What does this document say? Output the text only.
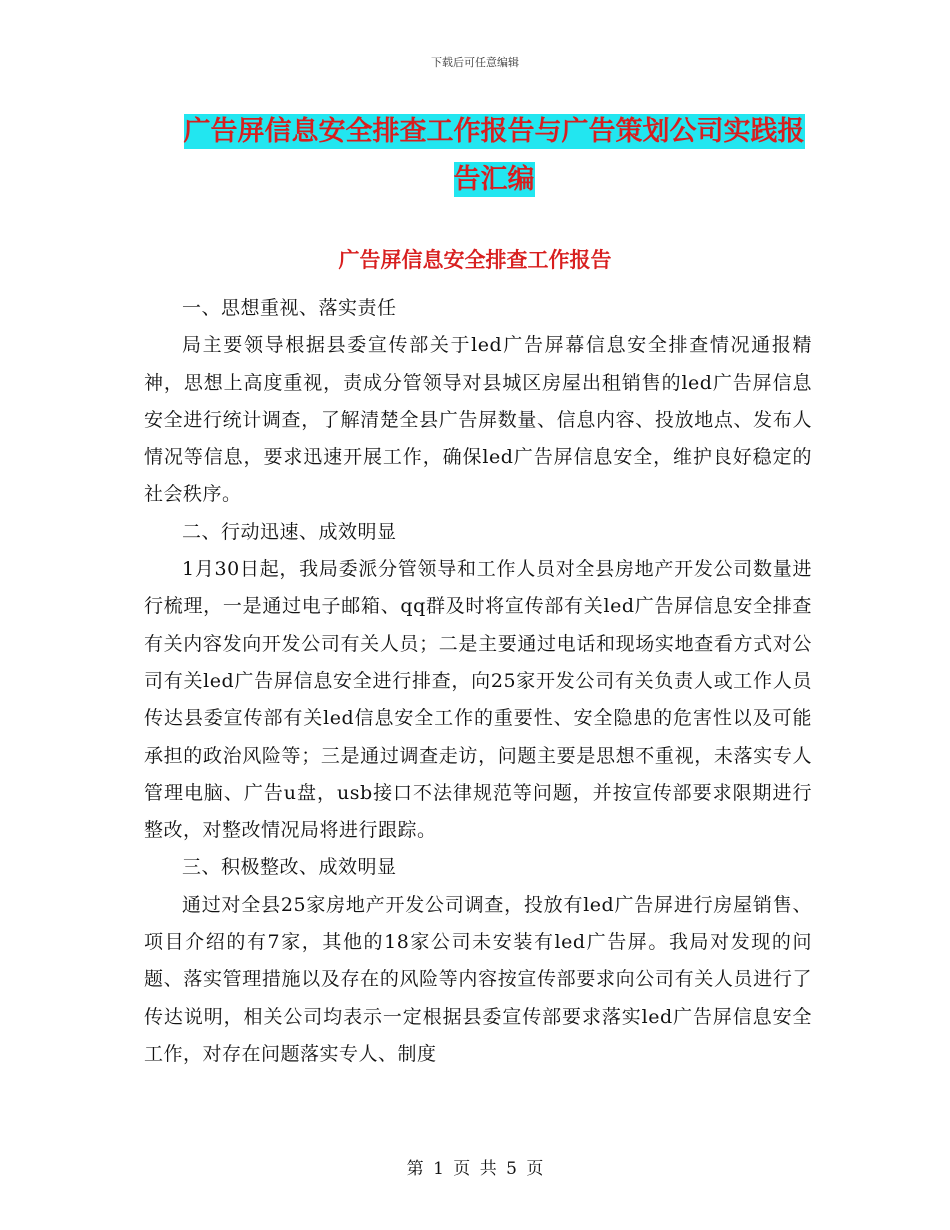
下载后可任意编辑
广告屏信息安全排查工作报告与广告策划公司实践报
告汇编
广告屏信息安全排查工作报告

一、思想重视、落实责任

局主要领导根据县委宣传部关于led广告屏幕信息安全排查情况通报精神，思想上高度重视，责成分管领导对县城区房屋出租销售的led广告屏信息安全进行统计调查，了解清楚全县广告屏数量、信息内容、投放地点、发布人情况等信息，要求迅速开展工作，确保led广告屏信息安全，维护良好稳定的社会秩序。

二、行动迅速、成效明显

1月30日起，我局委派分管领导和工作人员对全县房地产开发公司数量进行梳理，一是通过电子邮箱、qq群及时将宣传部有关led广告屏信息安全排查有关内容发向开发公司有关人员；二是主要通过电话和现场实地查看方式对公司有关led广告屏信息安全进行排查，向25家开发公司有关负责人或工作人员传达县委宣传部有关led信息安全工作的重要性、安全隐患的危害性以及可能承担的政治风险等；三是通过调查走访，问题主要是思想不重视，未落实专人管理电脑、广告u盘，usb接口不法律规范等问题，并按宣传部要求限期进行整改，对整改情况局将进行跟踪。

三、积极整改、成效明显

通过对全县25家房地产开发公司调查，投放有led广告屏进行房屋销售、项目介绍的有7家，其他的18家公司未安装有led广告屏。我局对发现的问题、落实管理措施以及存在的风险等内容按宣传部要求向公司有关人员进行了传达说明，相关公司均表示一定根据县委宣传部要求落实led广告屏信息安全工作，对存在问题落实专人、制度

第 1 页 共 5 页
